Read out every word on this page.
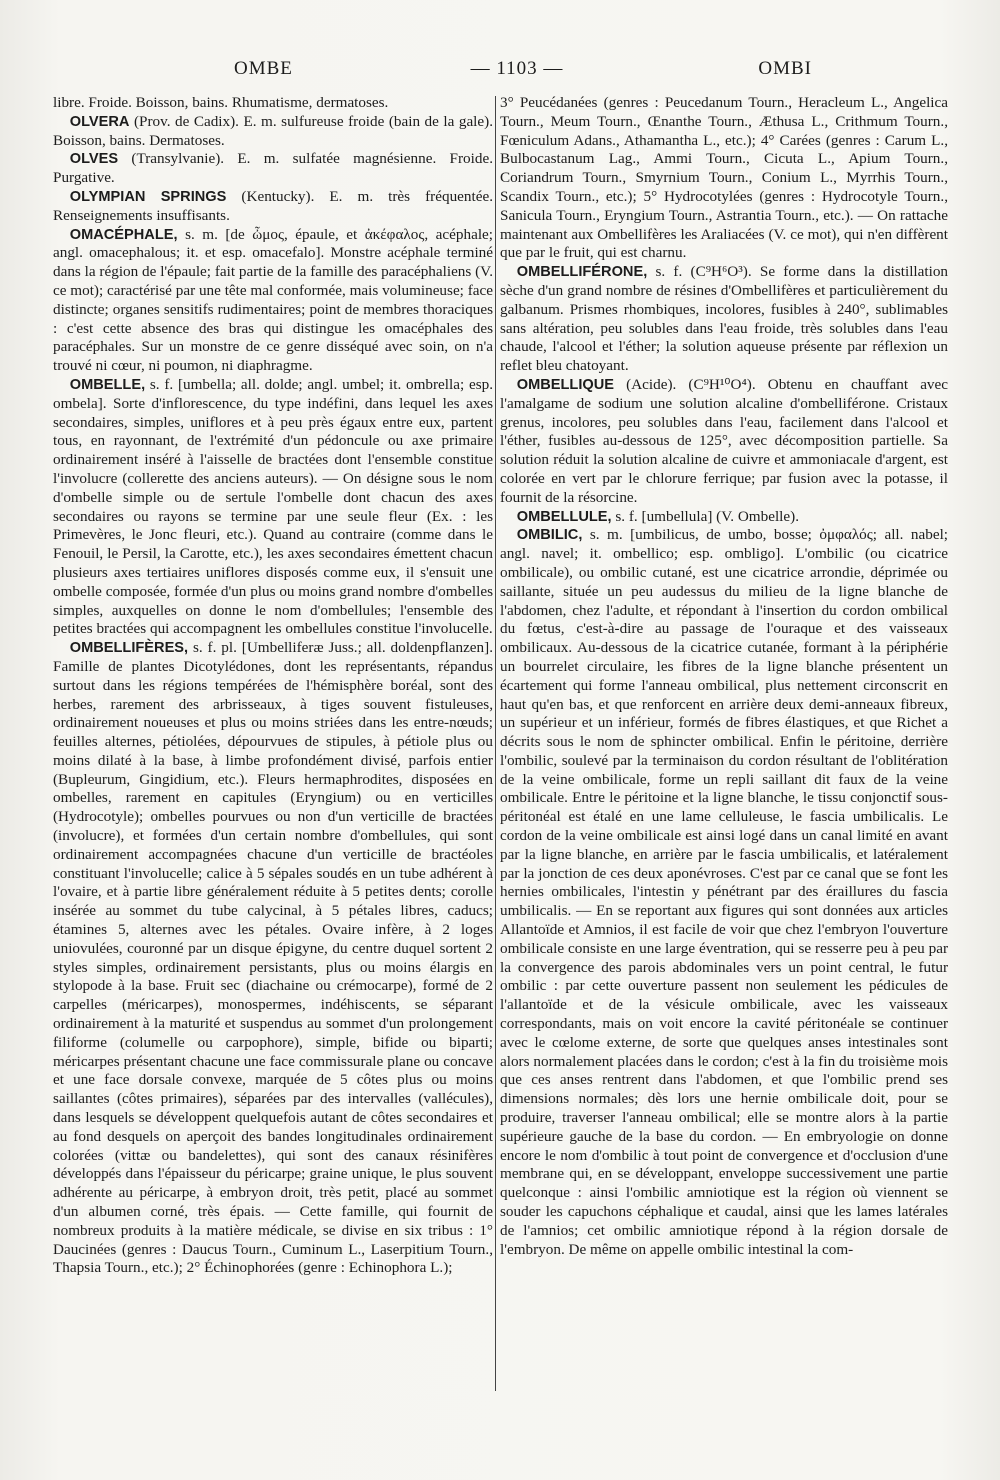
OMBE	— 1103 —	OMBI

libre. Froide. Boisson, bains. Rhumatisme, dermatoses.

OLVERA (Prov. de Cadix). E. m. sulfureuse froide (bain de la gale). Boisson, bains. Dermatoses.

OLVES (Transylvanie). E. m. sulfatée magnésienne. Froide. Purgative.

OLYMPIAN SPRINGS (Kentucky). E. m. très fréquentée. Renseignements insuffisants.

OMACÉPHALE, s. m. [de ὦμος, épaule, et ἀκέφαλος, acéphale; angl. omacephalous; it. et esp. omacefalo]. Monstre acéphale terminé dans la région de l'épaule; fait partie de la famille des paracéphaliens (V. ce mot); caractérisé par une tête mal conformée, mais volumineuse; face distincte; organes sensitifs rudimentaires; point de membres thoraciques : c'est cette absence des bras qui distingue les omacéphales des paracéphales. Sur un monstre de ce genre disséqué avec soin, on n'a trouvé ni cœur, ni poumon, ni diaphragme.

OMBELLE, s. f. [umbella; all. dolde; angl. umbel; it. ombrella; esp. ombela]. Sorte d'inflorescence, du type indéfini, dans lequel les axes secondaires, simples, uniflores et à peu près égaux entre eux, partent tous, en rayonnant, de l'extrémité d'un pédoncule ou axe primaire ordinairement inséré à l'aisselle de bractées dont l'ensemble constitue l'involucre (collerette des anciens auteurs). — On désigne sous le nom d'ombelle simple ou de sertule l'ombelle dont chacun des axes secondaires ou rayons se termine par une seule fleur (Ex. : les Primevères, le Jonc fleuri, etc.). Quand au contraire (comme dans le Fenouil, le Persil, la Carotte, etc.), les axes secondaires émettent chacun plusieurs axes tertiaires uniflores disposés comme eux, il s'ensuit une ombelle composée, formée d'un plus ou moins grand nombre d'ombelles simples, auxquelles on donne le nom d'ombellules; l'ensemble des petites bractées qui accompagnent les ombellules constitue l'involucelle.

OMBELLIFÈRES, s. f. pl. [Umbelliferæ Juss.; all. doldenpflanzen]. Famille de plantes Dicotylédones, dont les représentants, répandus surtout dans les régions tempérées de l'hémisphère boréal, sont des herbes, rarement des arbrisseaux, à tiges souvent fistuleuses, ordinairement noueuses et plus ou moins striées dans les entre-nœuds; feuilles alternes, pétiolées, dépourvues de stipules, à pétiole plus ou moins dilaté à la base, à limbe profondément divisé, parfois entier (Bupleurum, Gingidium, etc.). Fleurs hermaphrodites, disposées en ombelles, rarement en capitules (Eryngium) ou en verticilles (Hydrocotyle); ombelles pourvues ou non d'un verticille de bractées (involucre), et formées d'un certain nombre d'ombellules, qui sont ordinairement accompagnées chacune d'un verticille de bractéoles constituant l'involucelle; calice à 5 sépales soudés en un tube adhérent à l'ovaire, et à partie libre généralement réduite à 5 petites dents; corolle insérée au sommet du tube calycinal, à 5 pétales libres, caducs; étamines 5, alternes avec les pétales. Ovaire infère, à 2 loges uniovulées, couronné par un disque épigyne, du centre duquel sortent 2 styles simples, ordinairement persistants, plus ou moins élargis en stylopode à la base. Fruit sec (diachaine ou crémocarpe), formé de 2 carpelles (méricarpes), monospermes, indéhiscents, se séparant ordinairement à la maturité et suspendus au sommet d'un prolongement filiforme (columelle ou carpophore), simple, bifide ou biparti; méricarpes présentant chacune une face commissurale plane ou concave et une face dorsale convexe, marquée de 5 côtes plus ou moins saillantes (côtes primaires), séparées par des intervalles (vallécules), dans lesquels se développent quelquefois autant de côtes secondaires et au fond desquels on aperçoit des bandes longitudinales ordinairement colorées (vittæ ou bandelettes), qui sont des canaux résinifères développés dans l'épaisseur du péricarpe; graine unique, le plus souvent adhérente au péricarpe, à embryon droit, très petit, placé au sommet d'un albumen corné, très épais. — Cette famille, qui fournit de nombreux produits à la matière médicale, se divise en six tribus : 1° Daucinées (genres : Daucus Tourn., Cuminum L., Laserpitium Tourn., Thapsia Tourn., etc.); 2° Échinophorées (genre : Echinophora L.);

3° Peucédanées (genres : Peucedanum Tourn., Heracleum L., Angelica Tourn., Meum Tourn., Œnanthe Tourn., Æthusa L., Crithmum Tourn., Fœniculum Adans., Athamantha L., etc.); 4° Carées (genres : Carum L., Bulbocastanum Lag., Ammi Tourn., Cicuta L., Apium Tourn., Coriandrum Tourn., Smyrnium Tourn., Conium L., Myrrhis Tourn., Scandix Tourn., etc.); 5° Hydrocotylées (genres : Hydrocotyle Tourn., Sanicula Tourn., Eryngium Tourn., Astrantia Tourn., etc.). — On rattache maintenant aux Ombellifères les Araliacées (V. ce mot), qui n'en diffèrent que par le fruit, qui est charnu.

OMBELLIFÉRONE, s. f. (C⁹H⁶O³). Se forme dans la distillation sèche d'un grand nombre de résines d'Ombellifères et particulièrement du galbanum. Prismes rhombiques, incolores, fusibles à 240°, sublimables sans altération, peu solubles dans l'eau froide, très solubles dans l'eau chaude, l'alcool et l'éther; la solution aqueuse présente par réflexion un reflet bleu chatoyant.

OMBELLIQUE (Acide). (C⁹H¹⁰O⁴). Obtenu en chauffant avec l'amalgame de sodium une solution alcaline d'ombelliférone. Cristaux grenus, incolores, peu solubles dans l'eau, facilement dans l'alcool et l'éther, fusibles au-dessous de 125°, avec décomposition partielle. Sa solution réduit la solution alcaline de cuivre et ammoniacale d'argent, est colorée en vert par le chlorure ferrique; par fusion avec la potasse, il fournit de la résorcine.

OMBELLULE, s. f. [umbellula] (V. Ombelle).

OMBILIC, s. m. [umbilicus, de umbo, bosse; ὀμφαλός; all. nabel; angl. navel; it. ombellico; esp. ombligo]. L'ombilic (ou cicatrice ombilicale), ou ombilic cutané, est une cicatrice arrondie, déprimée ou saillante, située un peu audessus du milieu de la ligne blanche de l'abdomen, chez l'adulte, et répondant à l'insertion du cordon ombilical du fœtus, c'est-à-dire au passage de l'ouraque et des vaisseaux ombilicaux. Au-dessous de la cicatrice cutanée, formant à la périphérie un bourrelet circulaire, les fibres de la ligne blanche présentent un écartement qui forme l'anneau ombilical, plus nettement circonscrit en haut qu'en bas, et que renforcent en arrière deux demi-anneaux fibreux, un supérieur et un inférieur, formés de fibres élastiques, et que Richet a décrits sous le nom de sphincter ombilical. Enfin le péritoine, derrière l'ombilic, soulevé par la terminaison du cordon résultant de l'oblitération de la veine ombilicale, forme un repli saillant dit faux de la veine ombilicale. Entre le péritoine et la ligne blanche, le tissu conjonctif sous-péritonéal est étalé en une lame celluleuse, le fascia umbilicalis. Le cordon de la veine ombilicale est ainsi logé dans un canal limité en avant par la ligne blanche, en arrière par le fascia umbilicalis, et latéralement par la jonction de ces deux aponévroses. C'est par ce canal que se font les hernies ombilicales, l'intestin y pénétrant par des éraillures du fascia umbilicalis. — En se reportant aux figures qui sont données aux articles Allantoïde et Amnios, il est facile de voir que chez l'embryon l'ouverture ombilicale consiste en une large éventration, qui se resserre peu à peu par la convergence des parois abdominales vers un point central, le futur ombilic : par cette ouverture passent non seulement les pédicules de l'allantoïde et de la vésicule ombilicale, avec les vaisseaux correspondants, mais on voit encore la cavité péritonéale se continuer avec le cœlome externe, de sorte que quelques anses intestinales sont alors normalement placées dans le cordon; c'est à la fin du troisième mois que ces anses rentrent dans l'abdomen, et que l'ombilic prend ses dimensions normales; dès lors une hernie ombilicale doit, pour se produire, traverser l'anneau ombilical; elle se montre alors à la partie supérieure gauche de la base du cordon. — En embryologie on donne encore le nom d'ombilic à tout point de convergence et d'occlusion d'une membrane qui, en se développant, enveloppe successivement une partie quelconque : ainsi l'ombilic amniotique est la région où viennent se souder les capuchons céphalique et caudal, ainsi que les lames latérales de l'amnios; cet ombilic amniotique répond à la région dorsale de l'embryon. De même on appelle ombilic intestinal la com-
